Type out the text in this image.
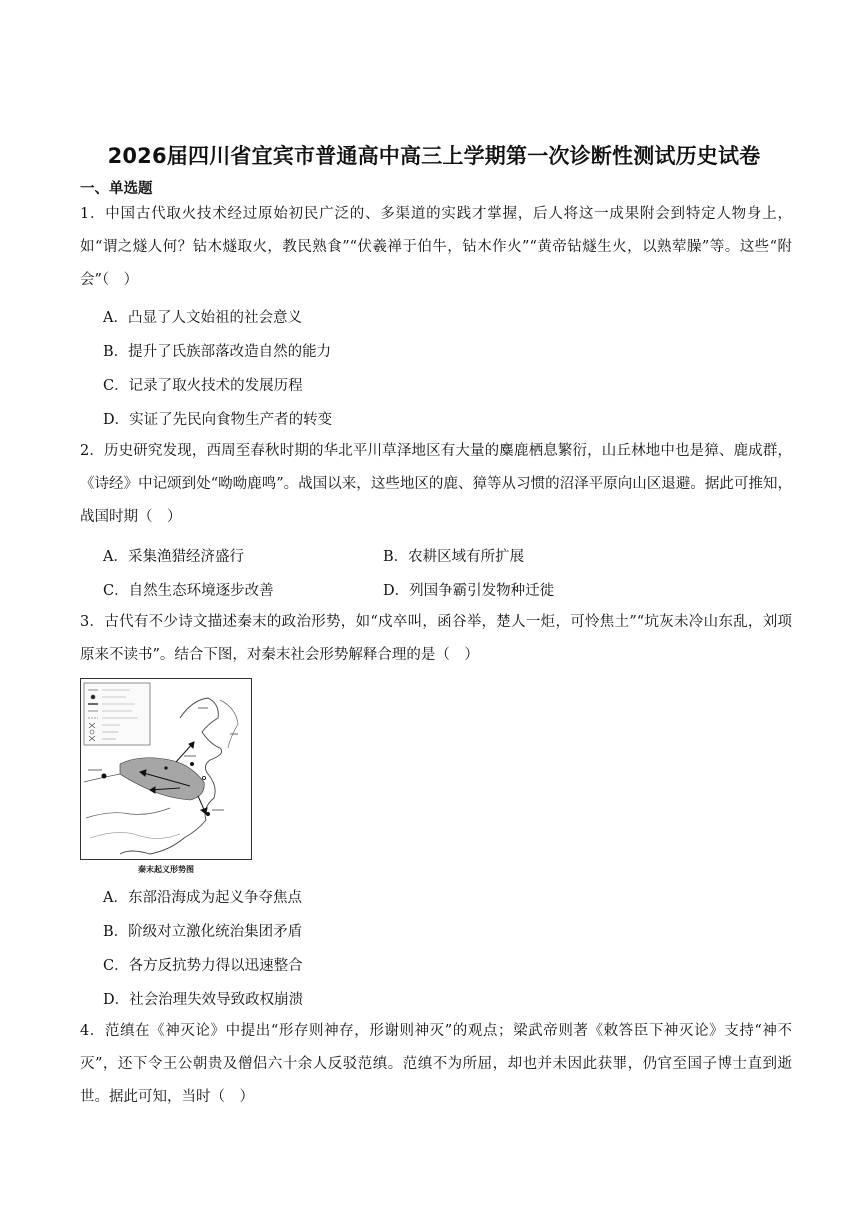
2026届四川省宜宾市普通高中高三上学期第一次诊断性测试历史试卷
一、单选题

1．中国古代取火技术经过原始初民广泛的、多渠道的实践才掌握，后人将这一成果附会到特定人物身上，如“谓之燧人何？钻木燧取火，教民熟食”“伏羲禅于伯牛，钻木作火”“黄帝钻燧生火，以熟荤臊”等。这些“附会”（　）

A．凸显了人文始祖的社会意义
B．提升了氏族部落改造自然的能力
C．记录了取火技术的发展历程
D．实证了先民向食物生产者的转变

2．历史研究发现，西周至春秋时期的华北平川草泽地区有大量的麋鹿栖息繁衍，山丘林地中也是獐、鹿成群，《诗经》中记颂到处“呦呦鹿鸣”。战国以来，这些地区的鹿、獐等从习惯的沼泽平原向山区退避。据此可推知，战国时期（　）

A．采集渔猎经济盛行	B．农耕区域有所扩展
C．自然生态环境逐步改善	D．列国争霸引发物种迁徙

3．古代有不少诗文描述秦末的政治形势，如“戍卒叫，函谷举，楚人一炬，可怜焦土”“坑灰未冷山东乱，刘项原来不读书”。结合下图，对秦末社会形势解释合理的是（　）

秦末起义形势图
A．东部沿海成为起义争夺焦点
B．阶级对立激化统治集团矛盾
C．各方反抗势力得以迅速整合
D．社会治理失效导致政权崩溃

4．范缜在《神灭论》中提出“形存则神存，形谢则神灭”的观点；梁武帝则著《敕答臣下神灭论》支持“神不灭”，还下令王公朝贵及僧侣六十余人反驳范缜。范缜不为所屈，却也并未因此获罪，仍官至国子博士直到逝世。据此可知，当时（　）
